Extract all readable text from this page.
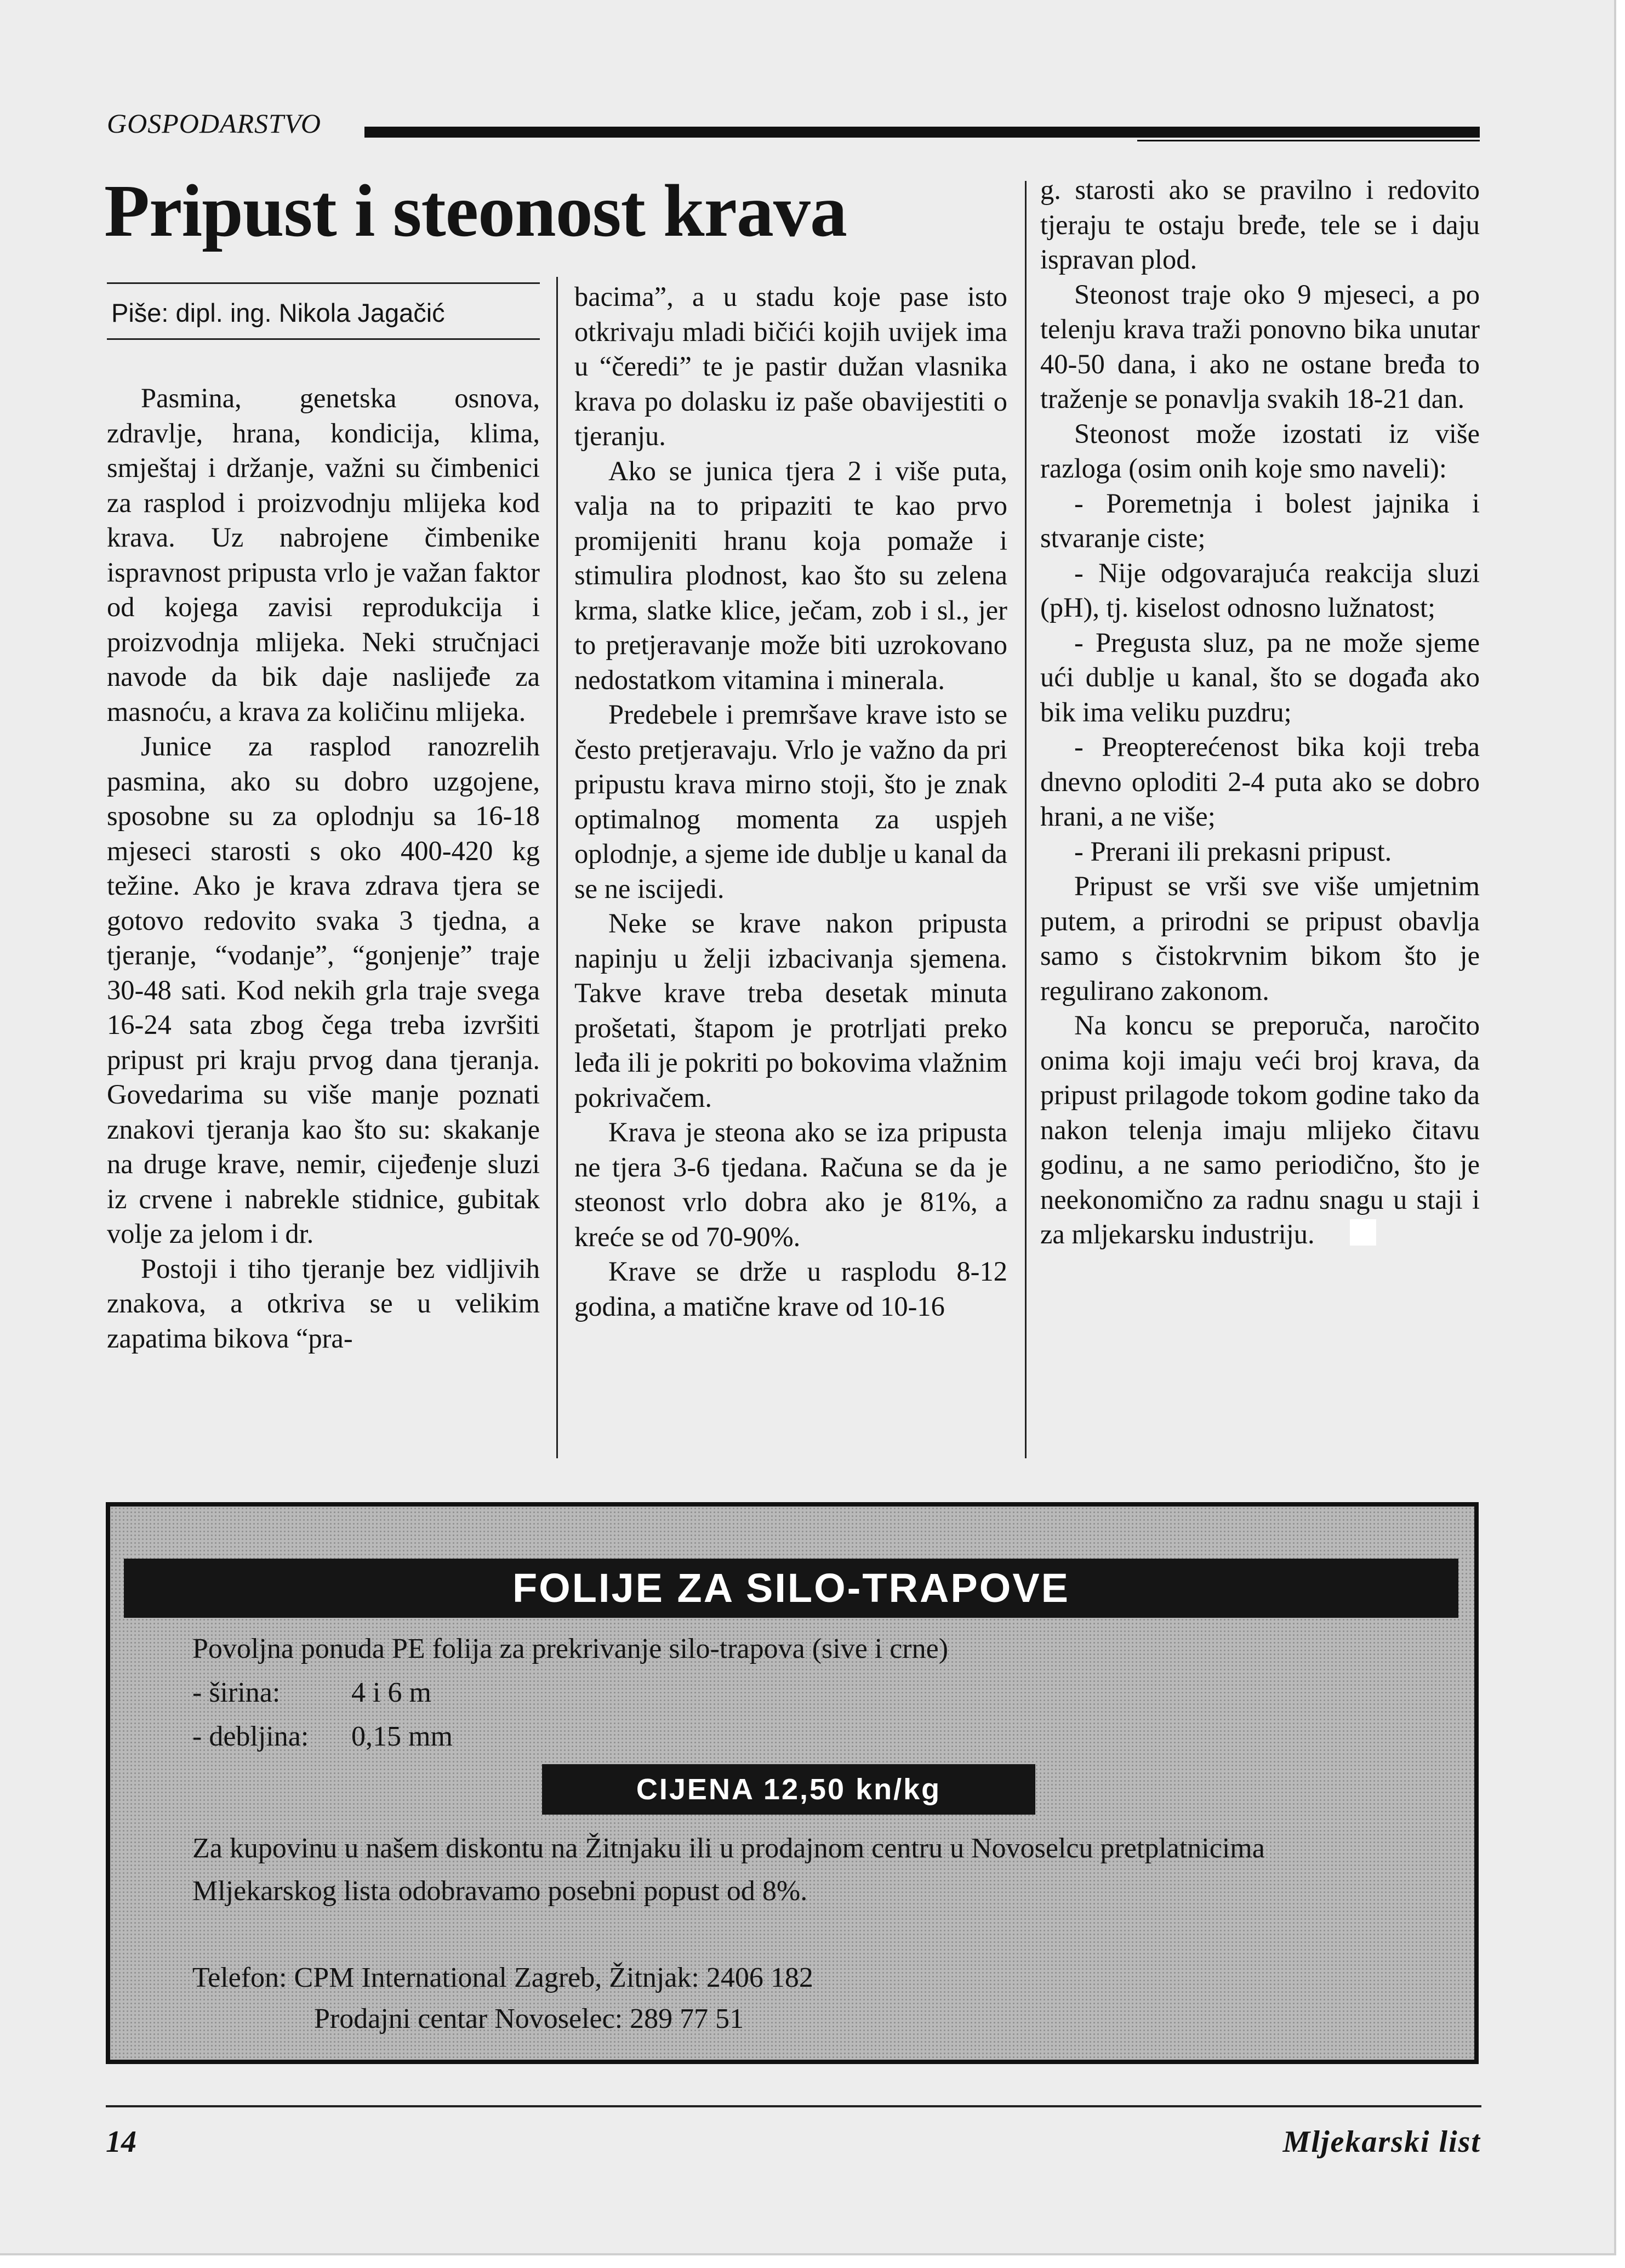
GOSPODARSTVO
Pripust i steonost krava
Piše: dipl. ing. Nikola Jagačić

Pasmina, genetska osnova, zdravlje, hrana, kondicija, klima, smještaj i držanje, važni su čimbenici za rasplod i proizvodnju mlijeka kod krava. Uz nabrojene čimbenike ispravnost pripusta vrlo je važan faktor od kojega zavisi reprodukcija i proizvodnja mlijeka. Neki stručnjaci navode da bik daje naslijeđe za masnoću, a krava za količinu mlijeka.

Junice za rasplod ranozrelih pasmina, ako su dobro uzgojene, sposobne su za oplodnju sa 16-18 mjeseci starosti s oko 400-420 kg težine. Ako je krava zdrava tjera se gotovo redovito svaka 3 tjedna, a tjeranje, “vodanje”, “gonjenje” traje 30-48 sati. Kod nekih grla traje svega 16-24 sata zbog čega treba izvršiti pripust pri kraju prvog dana tjeranja. Govedarima su više manje poznati znakovi tjeranja kao što su: skakanje na druge krave, nemir, cijeđenje sluzi iz crvene i nabrekle stidnice, gubitak volje za jelom i dr.

Postoji i tiho tjeranje bez vidljivih znakova, a otkriva se u velikim zapatima bikova “pra-

bacima”, a u stadu koje pase isto otkrivaju mladi bičići kojih uvijek ima u “čeredi” te je pastir dužan vlasnika krava po dolasku iz paše obavijestiti o tjeranju.

Ako se junica tjera 2 i više puta, valja na to pripaziti te kao prvo promijeniti hranu koja pomaže i stimulira plodnost, kao što su zelena krma, slatke klice, ječam, zob i sl., jer to pretjeravanje može biti uzrokovano nedostatkom vitamina i minerala.

Predebele i premršave krave isto se često pretjeravaju. Vrlo je važno da pri pripustu krava mirno stoji, što je znak optimalnog momenta za uspjeh oplodnje, a sjeme ide dublje u kanal da se ne iscijedi.

Neke se krave nakon pripusta napinju u želji izbacivanja sjemena. Takve krave treba desetak minuta prošetati, štapom je protrljati preko leđa ili je pokriti po bokovima vlažnim pokrivačem.

Krava je steona ako se iza pripusta ne tjera 3-6 tjedana. Računa se da je steonost vrlo dobra ako je 81%, a kreće se od 70-90%.

Krave se drže u rasplodu 8-12 godina, a matične krave od 10-16

g. starosti ako se pravilno i redovito tjeraju te ostaju bređe, tele se i daju ispravan plod.

Steonost traje oko 9 mjeseci, a po telenju krava traži ponovno bika unutar 40-50 dana, i ako ne ostane bređa to traženje se ponavlja svakih 18-21 dan.

Steonost može izostati iz više razloga (osim onih koje smo naveli):

- Poremetnja i bolest jajnika i stvaranje ciste;

- Nije odgovarajuća reakcija sluzi (pH), tj. kiselost odnosno lužnatost;

- Pregusta sluz, pa ne može sjeme ući dublje u kanal, što se događa ako bik ima veliku puzdru;

- Preopterećenost bika koji treba dnevno oploditi 2-4 puta ako se dobro hrani, a ne više;

- Prerani ili prekasni pripust.

Pripust se vrši sve više umjetnim putem, a prirodni se pripust obavlja samo s čistokrvnim bikom što je regulirano zakonom.

Na koncu se preporuča, naročito onima koji imaju veći broj krava, da pripust prilagode tokom godine tako da nakon telenja imaju mlijeko čitavu godinu, a ne samo periodično, što je neekonomično za radnu snagu u staji i za mljekarsku industriju.

FOLIJE ZA SILO-TRAPOVE
Povoljna ponuda PE folija za prekrivanje silo-trapova (sive i crne)
- širina: 4 i 6 m
- debljina: 0,15 mm
CIJENA 12,50 kn/kg
Za kupovinu u našem diskontu na Žitnjaku ili u prodajnom centru u Novoselcu pretplatnicima Mljekarskog lista odobravamo posebni popust od 8%.
Telefon: CPM International Zagreb, Žitnjak: 2406 182
Prodajni centar Novoselec: 289 77 51
14	Mljekarski list
